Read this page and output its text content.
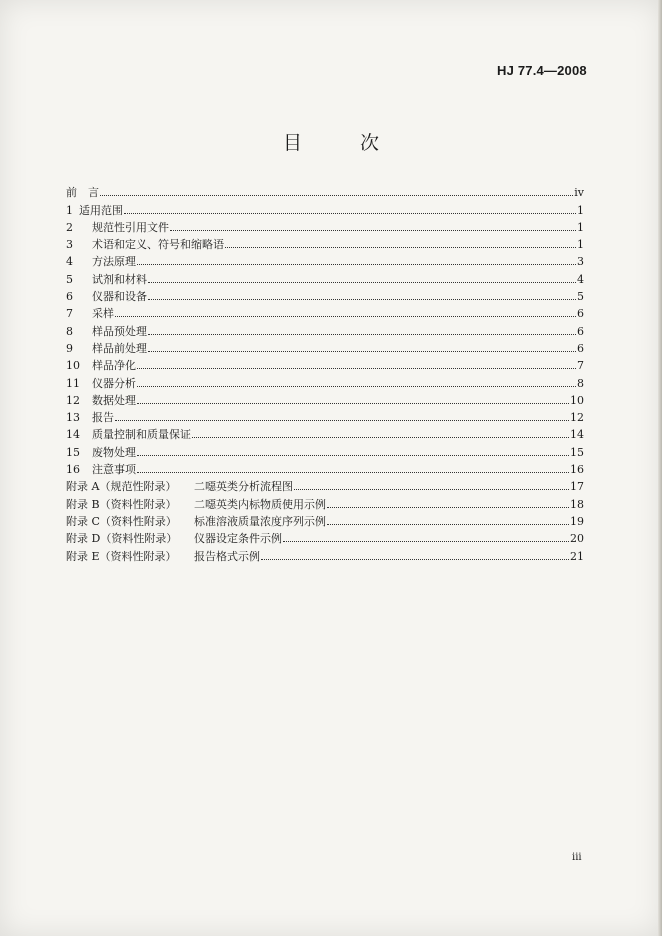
HJ 77.4—2008
目 次
前　言	iv
1 适用范围	1
2	规范性引用文件	1
3	术语和定义、符号和缩略语	1
4	方法原理	3
5	试剂和材料	4
6	仪器和设备	5
7	采样	6
8	样品预处理	6
9	样品前处理	6
10	样品净化	7
11	仪器分析	8
12	数据处理	10
13	报告	12
14	质量控制和质量保证	14
15	废物处理	15
16	注意事项	16
附录 A（规范性附录）	二噁英类分析流程图	17
附录 B（资料性附录）	二噁英类内标物质使用示例	18
附录 C（资料性附录）	标准溶液质量浓度序列示例	19
附录 D（资料性附录）	仪器设定条件示例	20
附录 E（资料性附录）	报告格式示例	21
iii
